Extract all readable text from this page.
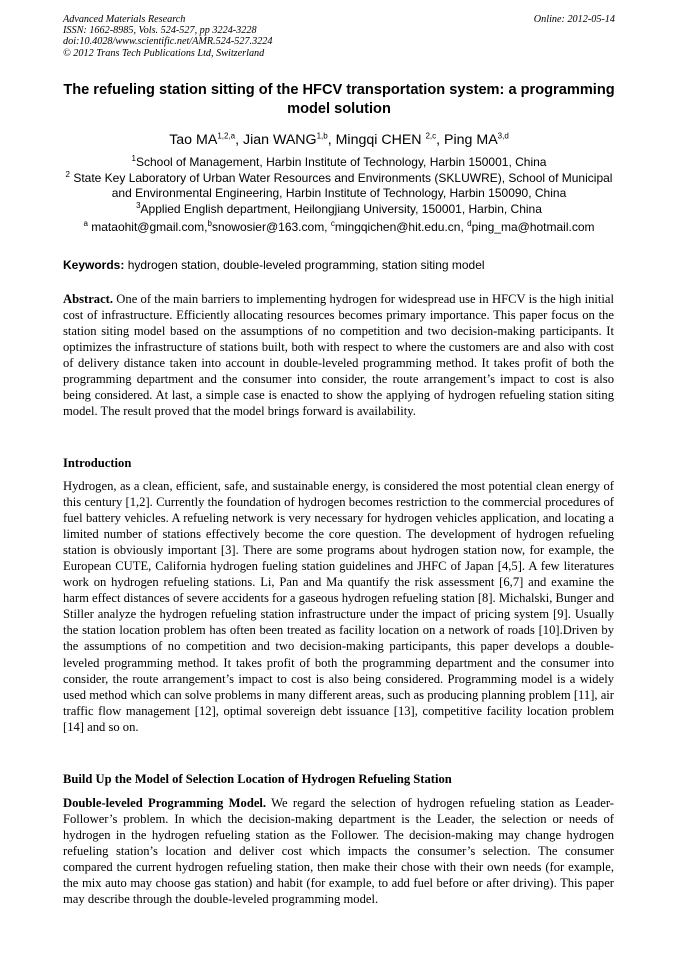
Advanced Materials Research
ISSN: 1662-8985, Vols. 524-527, pp 3224-3228
doi:10.4028/www.scientific.net/AMR.524-527.3224
© 2012 Trans Tech Publications Ltd, Switzerland
Online: 2012-05-14
The refueling station sitting of the HFCV transportation system: a programming model solution
Tao MA$^{1,2,a}$, Jian WANG$^{1,b}$, Mingqi CHEN $^{2,c}$, Ping MA$^{3,d}$
$^1$School of Management, Harbin Institute of Technology, Harbin 150001, China
$^2$ State Key Laboratory of Urban Water Resources and Environments (SKLUWRE), School of Municipal and Environmental Engineering, Harbin Institute of Technology, Harbin 150090, China
$^3$Applied English department, Heilongjiang University, 150001, Harbin, China
$^a$ mataohit@gmail.com,$^b$snowosier@163.com, $^c$mingqichen@hit.edu.cn, $^d$ping_ma@hotmail.com
Keywords: hydrogen station, double-leveled programming, station siting model
Abstract. One of the main barriers to implementing hydrogen for widespread use in HFCV is the high initial cost of infrastructure. Efficiently allocating resources becomes primary importance. This paper focus on the station siting model based on the assumptions of no competition and two decision-making participants. It optimizes the infrastructure of stations built, both with respect to where the customers are and also with cost of delivery distance taken into account in double-leveled programming method. It takes profit of both the programming department and the consumer into consider, the route arrangement’s impact to cost is also being considered. At last, a simple case is enacted to show the applying of hydrogen refueling station siting model. The result proved that the model brings forward is availability.
Introduction
Hydrogen, as a clean, efficient, safe, and sustainable energy, is considered the most potential clean energy of this century [1,2]. Currently the foundation of hydrogen becomes restriction to the commercial procedures of fuel battery vehicles. A refueling network is very necessary for hydrogen vehicles application, and locating a limited number of stations effectively become the core question. The development of hydrogen refueling station is obviously important [3]. There are some programs about hydrogen station now, for example, the European CUTE, California hydrogen fueling station guidelines and JHFC of Japan [4,5]. A few literatures work on hydrogen refueling stations. Li, Pan and Ma quantify the risk assessment [6,7] and examine the harm effect distances of severe accidents for a gaseous hydrogen refueling station [8]. Michalski, Bunger and Stiller analyze the hydrogen refueling station infrastructure under the impact of pricing system [9]. Usually the station location problem has often been treated as facility location on a network of roads [10].Driven by the assumptions of no competition and two decision-making participants, this paper develops a double-leveled programming method. It takes profit of both the programming department and the consumer into consider, the route arrangement’s impact to cost is also being considered. Programming model is a widely used method which can solve problems in many different areas, such as producing planning problem [11], air traffic flow management [12], optimal sovereign debt issuance [13], competitive facility location problem [14] and so on.
Build Up the Model of Selection Location of Hydrogen Refueling Station
Double-leveled Programming Model. We regard the selection of hydrogen refueling station as Leader-Follower’s problem. In which the decision-making department is the Leader, the selection or needs of hydrogen in the hydrogen refueling station as the Follower. The decision-making may change hydrogen refueling station’s location and deliver cost which impacts the consumer’s selection. The consumer compared the current hydrogen refueling station, then make their chose with their own needs (for example, the mix auto may choose gas station) and habit (for example, to add fuel before or after driving). This paper may describe through the double-leveled programming model.
